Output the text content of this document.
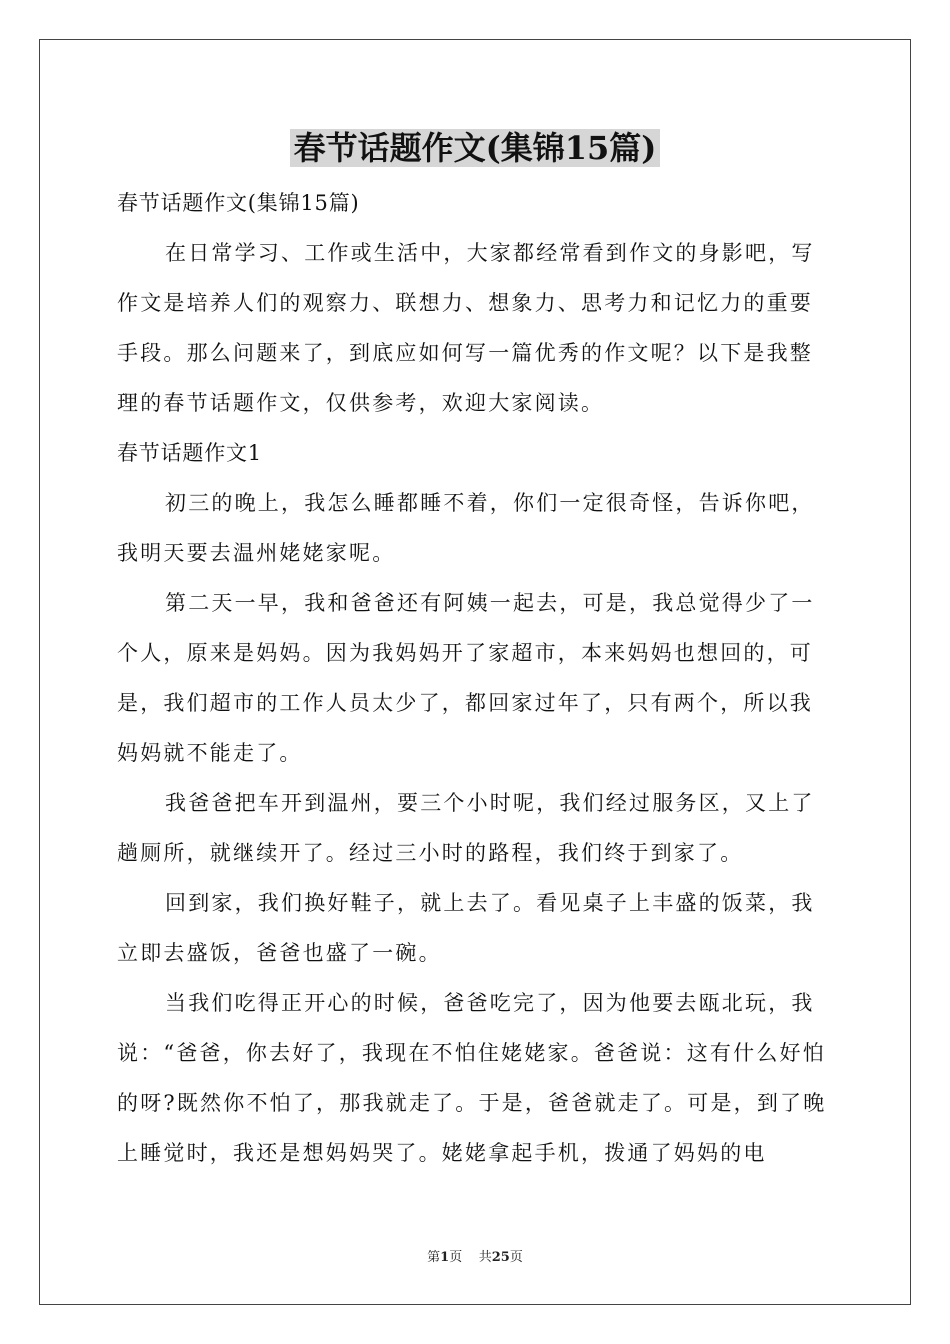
春节话题作文(集锦15篇)

春节话题作文(集锦15篇)

在日常学习、工作或生活中，大家都经常看到作文的身影吧，写作文是培养人们的观察力、联想力、想象力、思考力和记忆力的重要手段。那么问题来了，到底应如何写一篇优秀的作文呢？以下是我整理的春节话题作文，仅供参考，欢迎大家阅读。

春节话题作文1

初三的晚上，我怎么睡都睡不着，你们一定很奇怪，告诉你吧，我明天要去温州姥姥家呢。

第二天一早，我和爸爸还有阿姨一起去，可是，我总觉得少了一个人，原来是妈妈。因为我妈妈开了家超市，本来妈妈也想回的，可是，我们超市的工作人员太少了，都回家过年了，只有两个，所以我妈妈就不能走了。

我爸爸把车开到温州，要三个小时呢，我们经过服务区，又上了趟厕所，就继续开了。经过三小时的路程，我们终于到家了。

回到家，我们换好鞋子，就上去了。看见桌子上丰盛的饭菜，我立即去盛饭，爸爸也盛了一碗。

当我们吃得正开心的时候，爸爸吃完了，因为他要去瓯北玩，我说：“爸爸，你去好了，我现在不怕住姥姥家。爸爸说：这有什么好怕的呀?既然你不怕了，那我就走了。于是，爸爸就走了。可是，到了晚上睡觉时，我还是想妈妈哭了。姥姥拿起手机，拨通了妈妈的电

第1页 共25页
